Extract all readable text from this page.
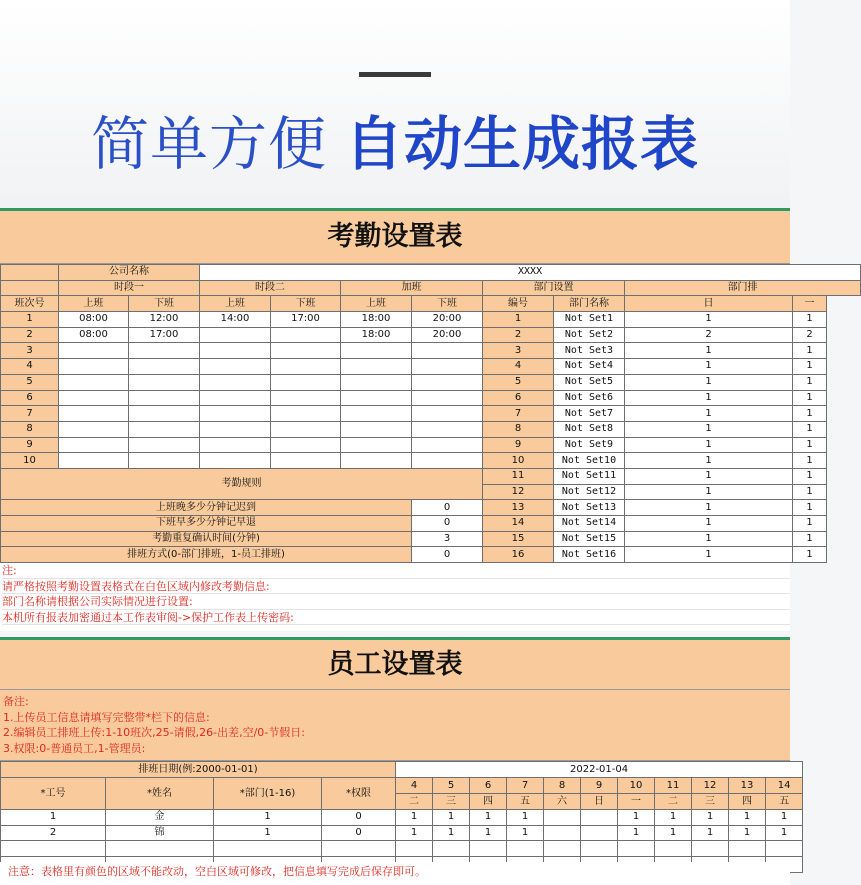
简单方便 自动生成报表
考勤设置表
	公司名称		XXXX							
	时段一		时段二		加班		部门设置		部门排	
班次号	上班	下班	上班	下班	上班	下班	编号	部门名称	日	一
1	08:00	12:00	14:00	17:00	18:00	20:00	1	Not Set1	1	1
2	08:00	17:00			18:00	20:00	2	Not Set2	2	2
3							3	Not Set3	1	1
4							4	Not Set4	1	1
5							5	Not Set5	1	1
6							6	Not Set6	1	1
7							7	Not Set7	1	1
8							8	Not Set8	1	1
9							9	Not Set9	1	1
10							10	Not Set10	1	1
考勤规则							11	Not Set11	1	1
							12	Not Set12	1	1
上班晚多少分钟记迟到						0	13	Not Set13	1	1
下班早多少分钟记早退						0	14	Not Set14	1	1
考勤重复确认时间(分钟)						3	15	Not Set15	1	1
排班方式(0-部门排班，1-员工排班)						0	16	Not Set16	1	1
注:
请严格按照考勤设置表格式在白色区域内修改考勤信息:
部门名称请根据公司实际情况进行设置:
本机所有报表加密通过本工作表审阅->保护工作表上传密码:
员工设置表
备注:
1.上传员工信息请填写完整带*栏下的信息:
2.编辑员工排班上传:1-10班次,25-请假,26-出差,空/0-节假日:
3.权限:0-普通员工,1-管理员:
排班日期(例:2000-01-01)				2022-01-04										
*工号	*姓名	*部门(1-16)	*权限	4	5	6	7	8	9	10	11	12	13	14
				二	三	四	五	六	日	一	二	三	四	五
1	金	1	0	1	1	1	1			1	1	1	1	1
2	锦	1	0	1	1	1	1			1	1	1	1	1

注意：表格里有颜色的区域不能改动，空白区域可修改，把信息填写完成后保存即可。
